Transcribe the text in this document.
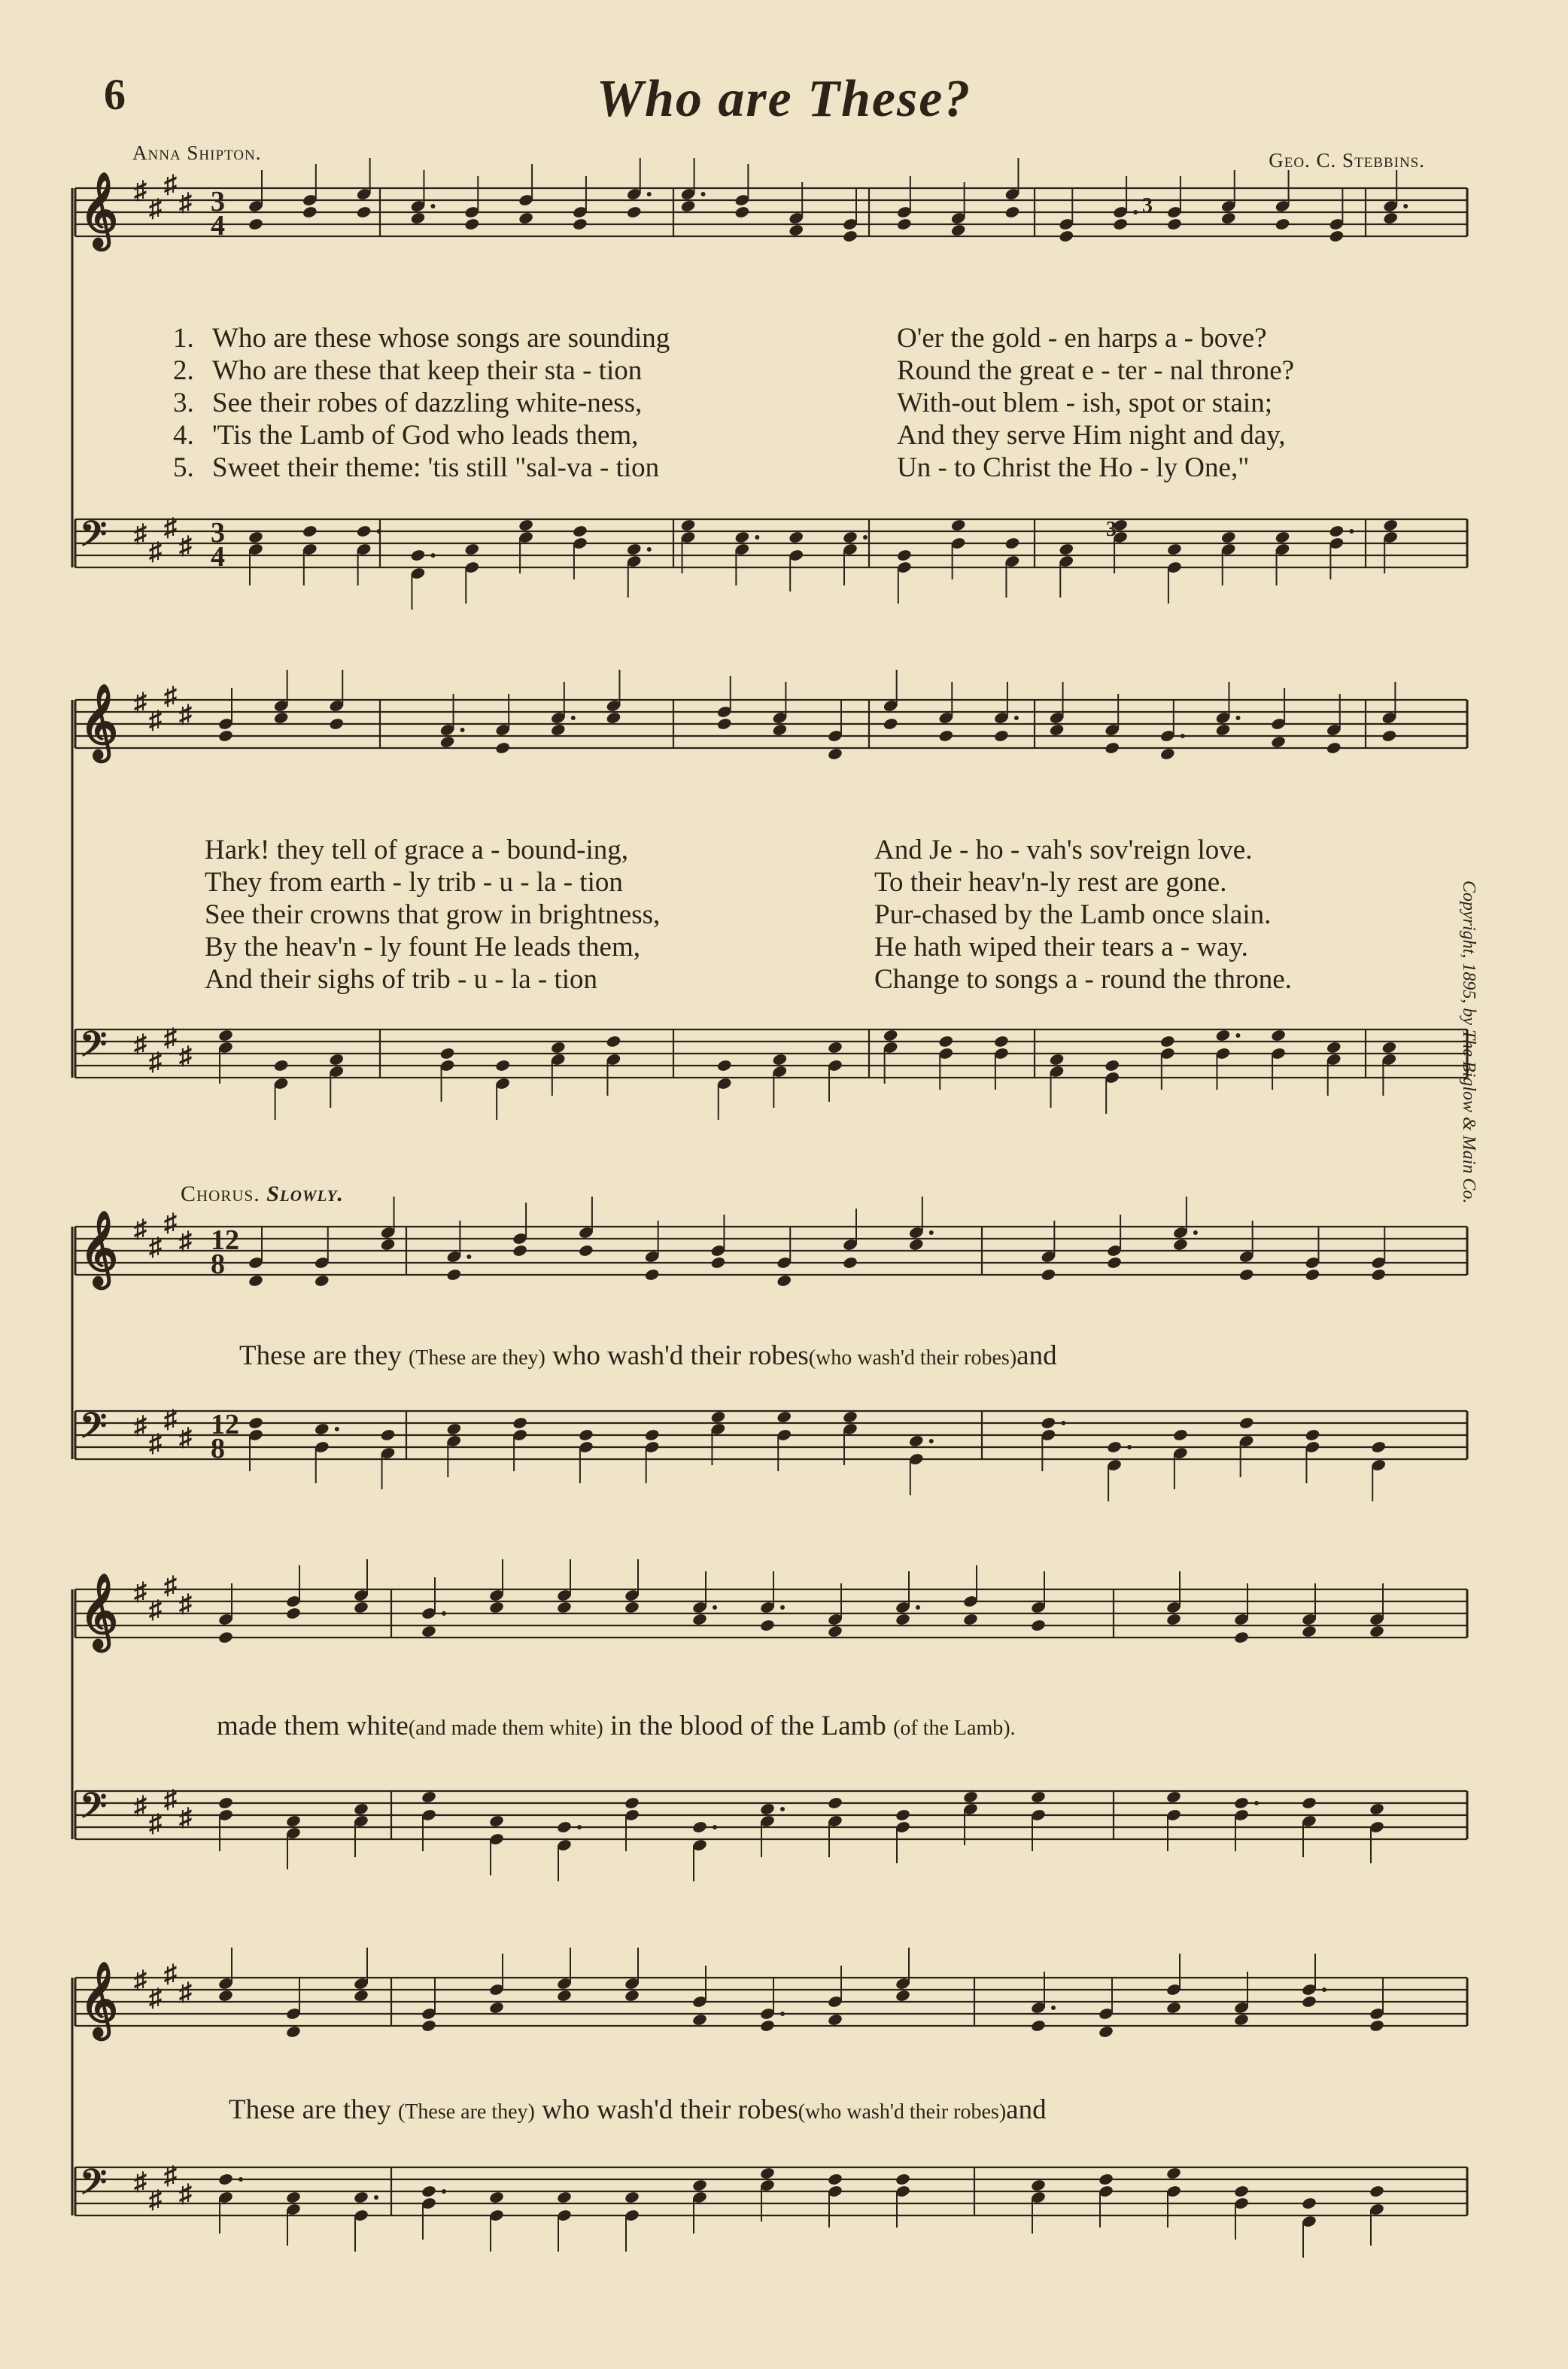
6	Who are These?
Anna Shipton.	Geo. C. Stebbins.
𝄞 ♯
♯
♯
♯
𝄢 ♯
♯
♯
♯
𝄞 ♯
♯
♯
♯
𝄢 ♯
♯
♯
♯
𝄞 ♯
♯
♯
♯
𝄢 ♯
♯
♯
♯
𝄞 ♯
♯
♯
♯
𝄢 ♯
♯
♯
♯
𝄞 ♯
♯
♯
♯
𝄢 ♯
♯
♯
♯
3
4
3
4
12
8
12
8
3
3
1. Who are these whose songs are sounding	O'er the gold - en harps a - bove?
2. Who are these that keep their sta - tion	Round the great e - ter - nal throne?
3. See their robes of dazzling white-ness,	With-out blem - ish, spot or stain;
4. 'Tis the Lamb of God who leads them,	And they serve Him night and day,
5. Sweet their theme: 'tis still "sal-va - tion	Un - to Christ the Ho - ly One,"
Hark! they tell of grace a - bound-ing,	And Je - ho - vah's sov'reign love.
They from earth - ly trib - u - la - tion	To their heav'n-ly rest are gone.
See their crowns that grow in brightness,	Pur-chased by the Lamb once slain.
By the heav'n - ly fount He leads them,	He hath wiped their tears a - way.
And their sighs of trib - u - la - tion	Change to songs a - round the throne.
Chorus. Slowly.
These are they (These are they) who wash'd their robes(who wash'd their robes)and
made them white(and made them white) in the blood of the Lamb (of the Lamb).
These are they (These are they) who wash'd their robes(who wash'd their robes)and
Copyright, 1895, by The Biglow & Main Co.
